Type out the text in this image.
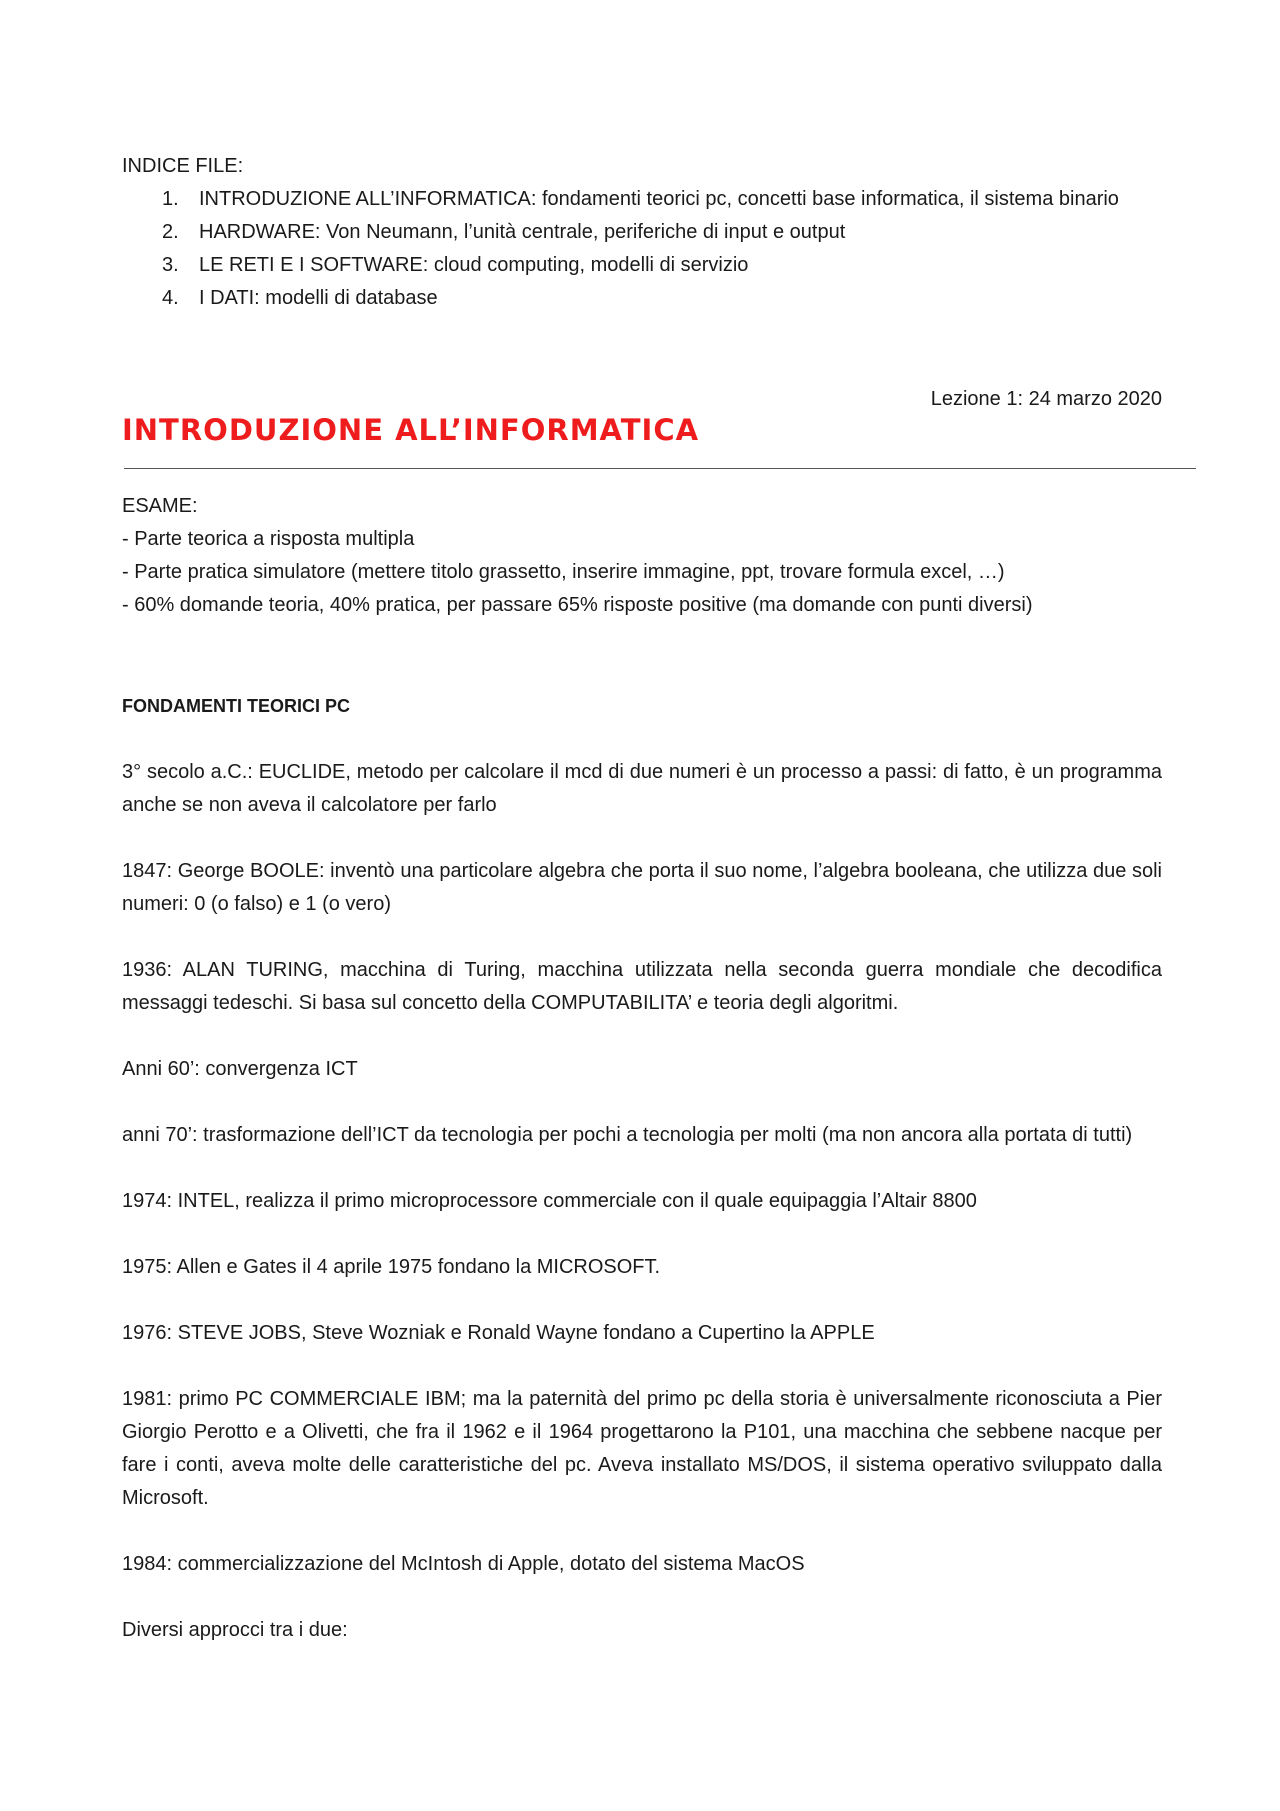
INDICE FILE:

1. INTRODUZIONE ALL’INFORMATICA: fondamenti teorici pc, concetti base informatica, il sistema binario
2. HARDWARE: Von Neumann, l’unità centrale, periferiche di input e output
3. LE RETI E I SOFTWARE: cloud computing, modelli di servizio
4. I DATI: modelli di database
Lezione 1: 24 marzo 2020
INTRODUZIONE ALL’INFORMATICA

ESAME:

- Parte teorica a risposta multipla

- Parte pratica simulatore (mettere titolo grassetto, inserire immagine, ppt, trovare formula excel, …)

- 60% domande teoria, 40% pratica, per passare 65% risposte positive (ma domande con punti diversi)

FONDAMENTI TEORICI PC

3° secolo a.C.: EUCLIDE, metodo per calcolare il mcd di due numeri è un processo a passi: di fatto, è un programma anche se non aveva il calcolatore per farlo

1847: George BOOLE: inventò una particolare algebra che porta il suo nome, l’algebra booleana, che utilizza due soli numeri: 0 (o falso) e 1 (o vero)

1936: ALAN TURING, macchina di Turing, macchina utilizzata nella seconda guerra mondiale che decodifica messaggi tedeschi. Si basa sul concetto della COMPUTABILITA’ e teoria degli algoritmi.

Anni 60’: convergenza ICT

anni 70’: trasformazione dell’ICT da tecnologia per pochi a tecnologia per molti (ma non ancora alla portata di tutti)

1974: INTEL, realizza il primo microprocessore commerciale con il quale equipaggia l’Altair 8800

1975: Allen e Gates il 4 aprile 1975 fondano la MICROSOFT.

1976: STEVE JOBS, Steve Wozniak e Ronald Wayne fondano a Cupertino la APPLE

1981: primo PC COMMERCIALE IBM; ma la paternità del primo pc della storia è universalmente riconosciuta a Pier Giorgio Perotto e a Olivetti, che fra il 1962 e il 1964 progettarono la P101, una macchina che sebbene nacque per fare i conti, aveva molte delle caratteristiche del pc. Aveva installato MS/DOS, il sistema operativo sviluppato dalla Microsoft.

1984: commercializzazione del McIntosh di Apple, dotato del sistema MacOS

Diversi approcci tra i due:
